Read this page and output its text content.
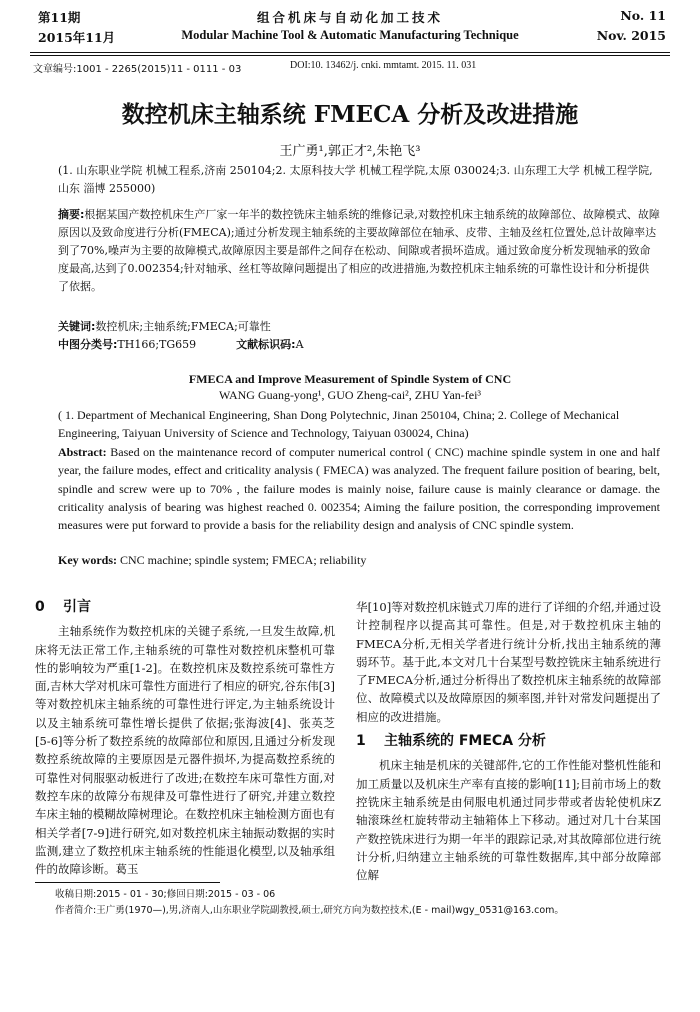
第11期
2015年11月
组合机床与自动化加工技术
Modular Machine Tool & Automatic Manufacturing Technique
No. 11
Nov. 2015
文章编号:1001 - 2265(2015)11 - 0111 - 03	DOI:10. 13462/j. cnki. mmtamt. 2015. 11. 031
数控机床主轴系统 FMECA 分析及改进措施
王广勇¹,郭正才²,朱艳飞³
(1. 山东职业学院 机械工程系,济南 250104;2. 太原科技大学 机械工程学院,太原 030024;3. 山东理工大学 机械工程学院,山东 淄博 255000)
摘要:根据某国产数控机床生产厂家一年半的数控铣床主轴系统的维修记录,对数控机床主轴系统的故障部位、故障模式、故障原因以及致命度进行分析(FMECA);通过分析发现主轴系统的主要故障部位在轴承、皮带、主轴及丝杠位置处,总计故障率达到了70%,噪声为主要的故障模式,故障原因主要是部件之间存在松动、间隙或者损坏造成。通过致命度分析发现轴承的致命度最高,达到了0.002354;针对轴承、丝杠等故障问题提出了相应的改进措施,为数控机床主轴系统的可靠性设计和分析提供了依据。
关键词:数控机床;主轴系统;FMECA;可靠性
中图分类号:TH166;TG659	文献标识码:A
FMECA and Improve Measurement of Spindle System of CNC
WANG Guang-yong¹, GUO Zheng-cai², ZHU Yan-fei³
( 1. Department of Mechanical Engineering, Shan Dong Polytechnic, Jinan 250104, China; 2. College of Mechanical Engineering, Taiyuan University of Science and Technology, Taiyuan 030024, China)
Abstract: Based on the maintenance record of computer numerical control ( CNC) machine spindle system in one and half year, the failure modes, effect and criticality analysis ( FMECA) was analyzed. The frequent failure position of bearing, belt, spindle and screw were up to 70% , the failure modes is mainly noise, failure cause is mainly clearance or damage. the criticality analysis of bearing was highest reached 0. 002354; Aiming the failure position, the corresponding improvement measures were put forward to provide a basis for the reliability design and analysis of CNC spindle system.
Key words: CNC machine; spindle system; FMECA; reliability
0 引言
主轴系统作为数控机床的关键子系统,一旦发生故障,机床将无法正常工作,主轴系统的可靠性对数控机床整机可靠性的影响较为严重[1-2]。在数控机床及数控系统可靠性方面,吉林大学对机床可靠性方面进行了相应的研究,谷东伟[3]等对数控机床主轴系统的可靠性进行评定,为主轴系统设计以及主轴系统可靠性增长提供了依据;张海波[4]、张英芝[5-6]等分析了数控系统的故障部位和原因,且通过分析发现数控系统故障的主要原因是元器件损坏,为提高数控系统的可靠性对伺服驱动板进行了改进;在数控车床可靠性方面,对数控车床的故障分布规律及可靠性进行了研究,并建立数控车床主轴的模糊故障树理论。在数控机床主轴检测方面也有相关学者[7-9]进行研究,如对数控机床主轴振动数据的实时监测,建立了数控机床主轴系统的性能退化模型,以及轴承组件的故障诊断。葛玉
华[10]等对数控机床链式刀库的进行了详细的介绍,并通过设计控制程序以提高其可靠性。但是,对于数控机床主轴的FMECA分析,无相关学者进行统计分析,找出主轴系统的薄弱环节。基于此,本文对几十台某型号数控铣床主轴系统进行了FMECA分析,通过分析得出了数控机床主轴系统的故障部位、故障模式以及故障原因的频率图,并针对常发问题提出了相应的改进措施。
1 主轴系统的 FMECA 分析
机床主轴是机床的关键部件,它的工作性能对整机性能和加工质量以及机床生产率有直接的影响[11];目前市场上的数控铣床主轴系统是由伺服电机通过同步带或者齿轮使机床Z轴滚珠丝杠旋转带动主轴箱体上下移动。通过对几十台某国产数控铣床进行为期一年半的跟踪记录,对其故障部位进行统计分析,归纳建立主轴系统的可靠性数据库,其中部分故障部位解
收稿日期:2015 - 01 - 30;修回日期:2015 - 03 - 06
作者简介:王广勇(1970—),男,济南人,山东职业学院副教授,硕士,研究方向为数控技术,(E - mail)wgy_0531@163.com。
